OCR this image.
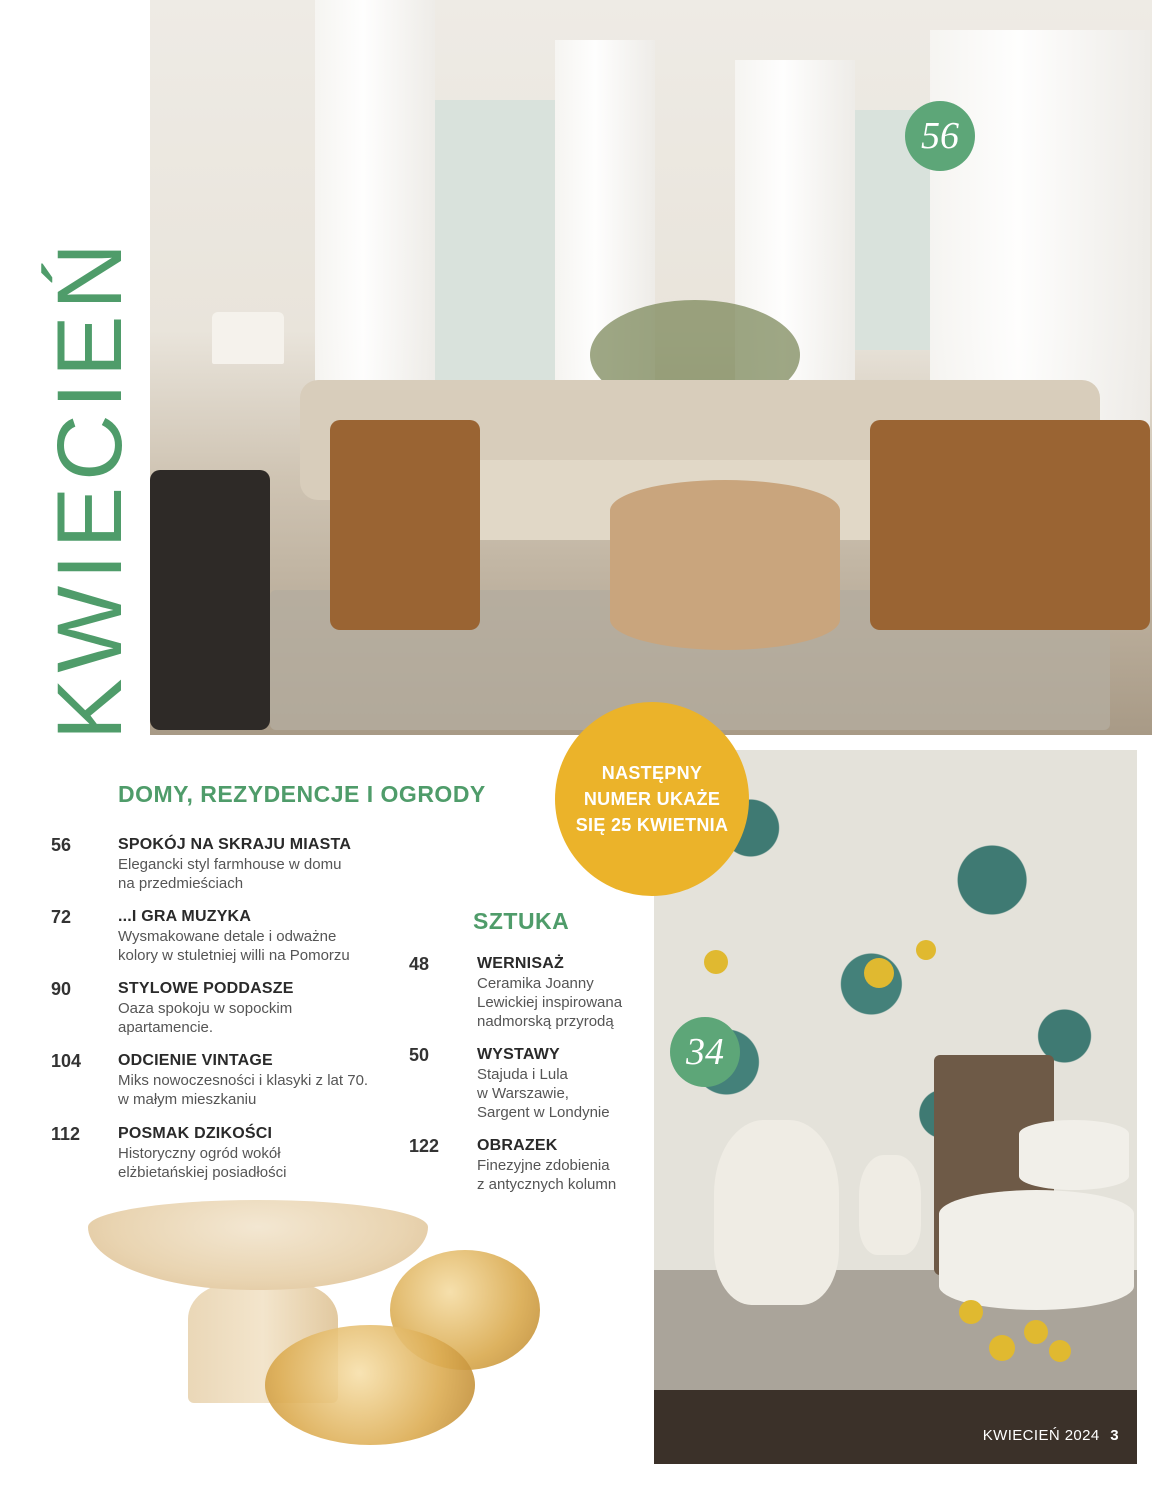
KWIECIEŃ
56
NASTĘPNY NUMER UKAŻE SIĘ 25 KWIETNIA
KWIECIEŃ 2024 3
34
DOMY, REZYDENCJE I OGRODY
56	SPOKÓJ NA SKRAJU MIASTA
Elegancki styl farmhouse w domu
na przedmieściach
72	...I GRA MUZYKA
Wysmakowane detale i odważne
kolory w stuletniej willi na Pomorzu
90	STYLOWE PODDASZE
Oaza spokoju w sopockim
apartamencie.
104 ODCIENIE VINTAGE
Miks nowoczesności i klasyki z lat 70.
w małym mieszkaniu
112 POSMAK DZIKOŚCI
Historyczny ogród wokół
elżbietańskiej posiadłości
SZTUKA
48	WERNISAŻ
Ceramika Joanny
Lewickiej inspirowana
nadmorską przyrodą
50	WYSTAWY
Stajuda i Lula
w Warszawie,
Sargent w Londynie
122 OBRAZEK
Finezyjne zdobienia
z antycznych kolumn
